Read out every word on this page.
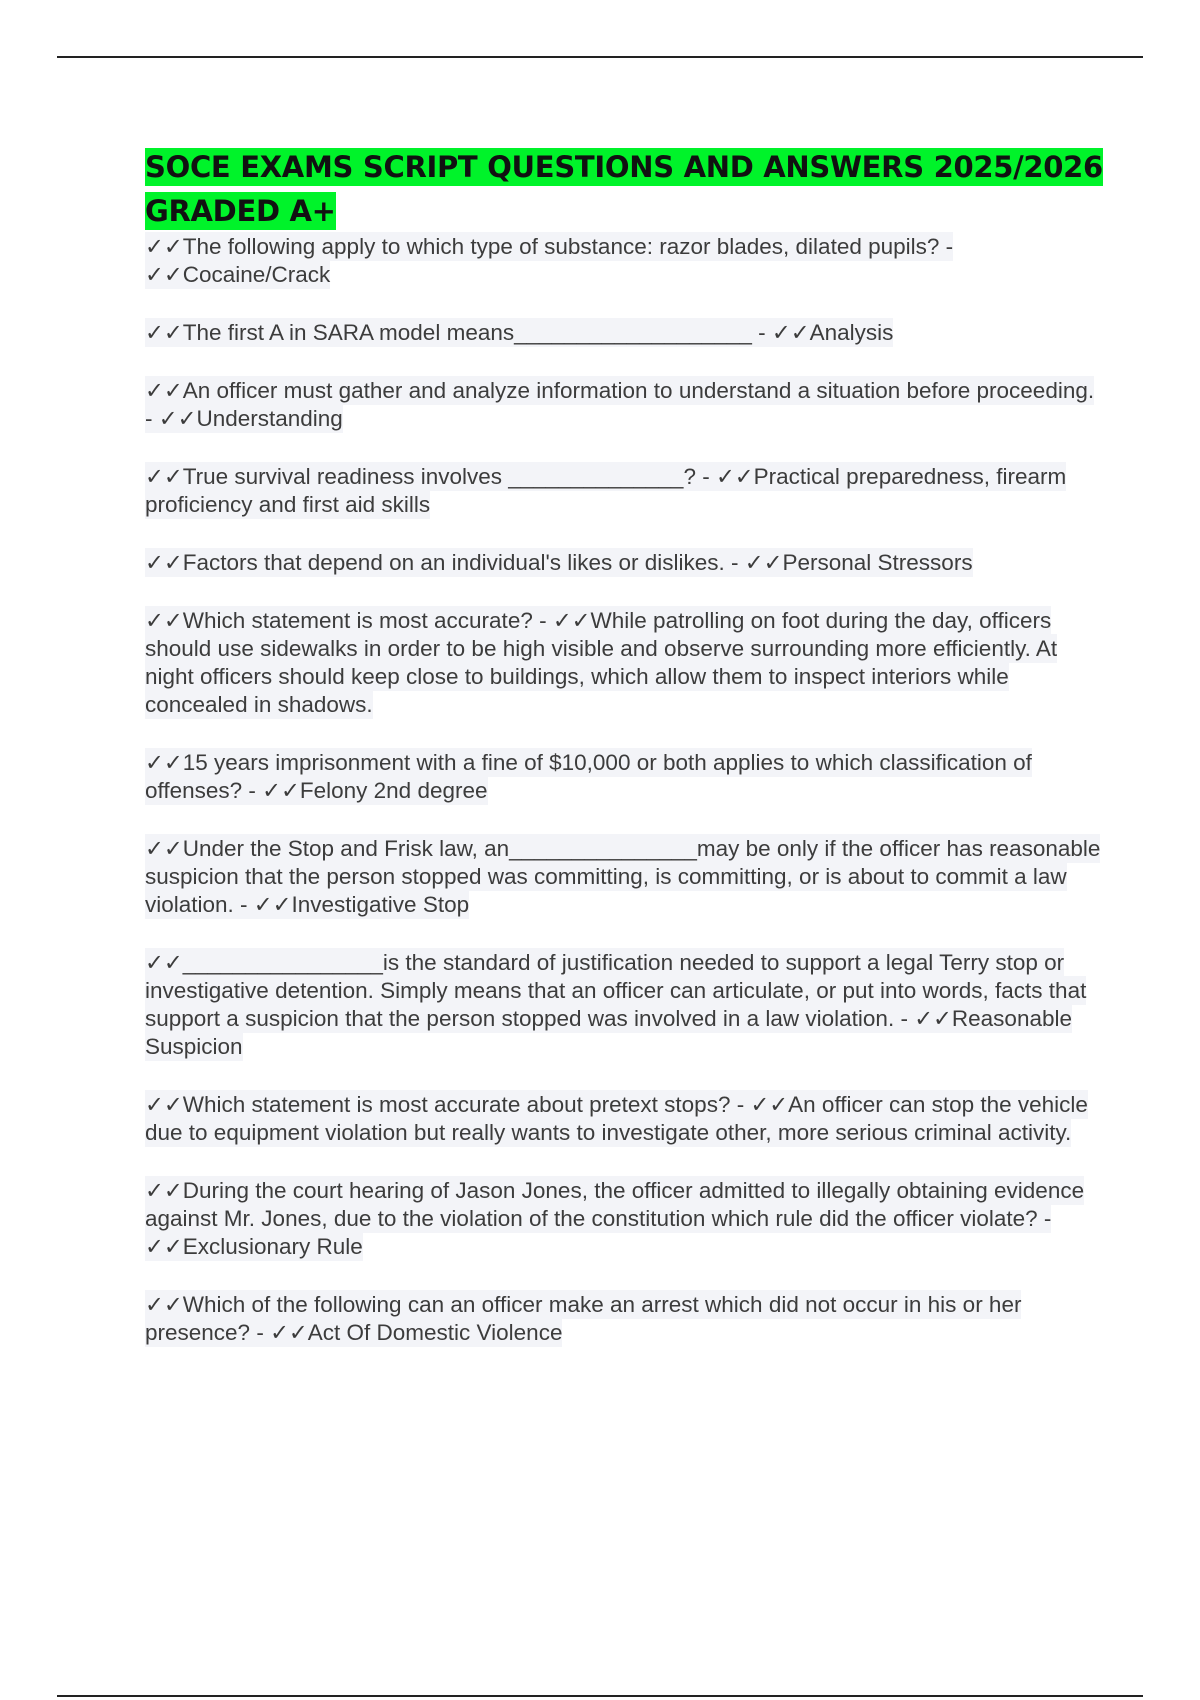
SOCE EXAMS SCRIPT QUESTIONS AND ANSWERS 2025/2026 GRADED A+

✓✓The following apply to which type of substance: razor blades, dilated pupils? - ✓✓Cocaine/Crack

✓✓The first A in SARA model means___________________ - ✓✓Analysis

✓✓An officer must gather and analyze information to understand a situation before proceeding. - ✓✓Understanding

✓✓True survival readiness involves ______________? - ✓✓Practical preparedness, firearm proficiency and first aid skills

✓✓Factors that depend on an individual's likes or dislikes. - ✓✓Personal Stressors

✓✓Which statement is most accurate? - ✓✓While patrolling on foot during the day, officers should use sidewalks in order to be high visible and observe surrounding more efficiently. At night officers should keep close to buildings, which allow them to inspect interiors while concealed in shadows.

✓✓15 years imprisonment with a fine of $10,000 or both applies to which classification of offenses? - ✓✓Felony 2nd degree

✓✓Under the Stop and Frisk law, an_______________may be only if the officer has reasonable suspicion that the person stopped was committing, is committing, or is about to commit a law violation. - ✓✓Investigative Stop

✓✓________________is the standard of justification needed to support a legal Terry stop or investigative detention. Simply means that an officer can articulate, or put into words, facts that support a suspicion that the person stopped was involved in a law violation. - ✓✓Reasonable Suspicion

✓✓Which statement is most accurate about pretext stops? - ✓✓An officer can stop the vehicle due to equipment violation but really wants to investigate other, more serious criminal activity.

✓✓During the court hearing of Jason Jones, the officer admitted to illegally obtaining evidence against Mr. Jones, due to the violation of the constitution which rule did the officer violate? - ✓✓Exclusionary Rule

✓✓Which of the following can an officer make an arrest which did not occur in his or her presence? - ✓✓Act Of Domestic Violence
